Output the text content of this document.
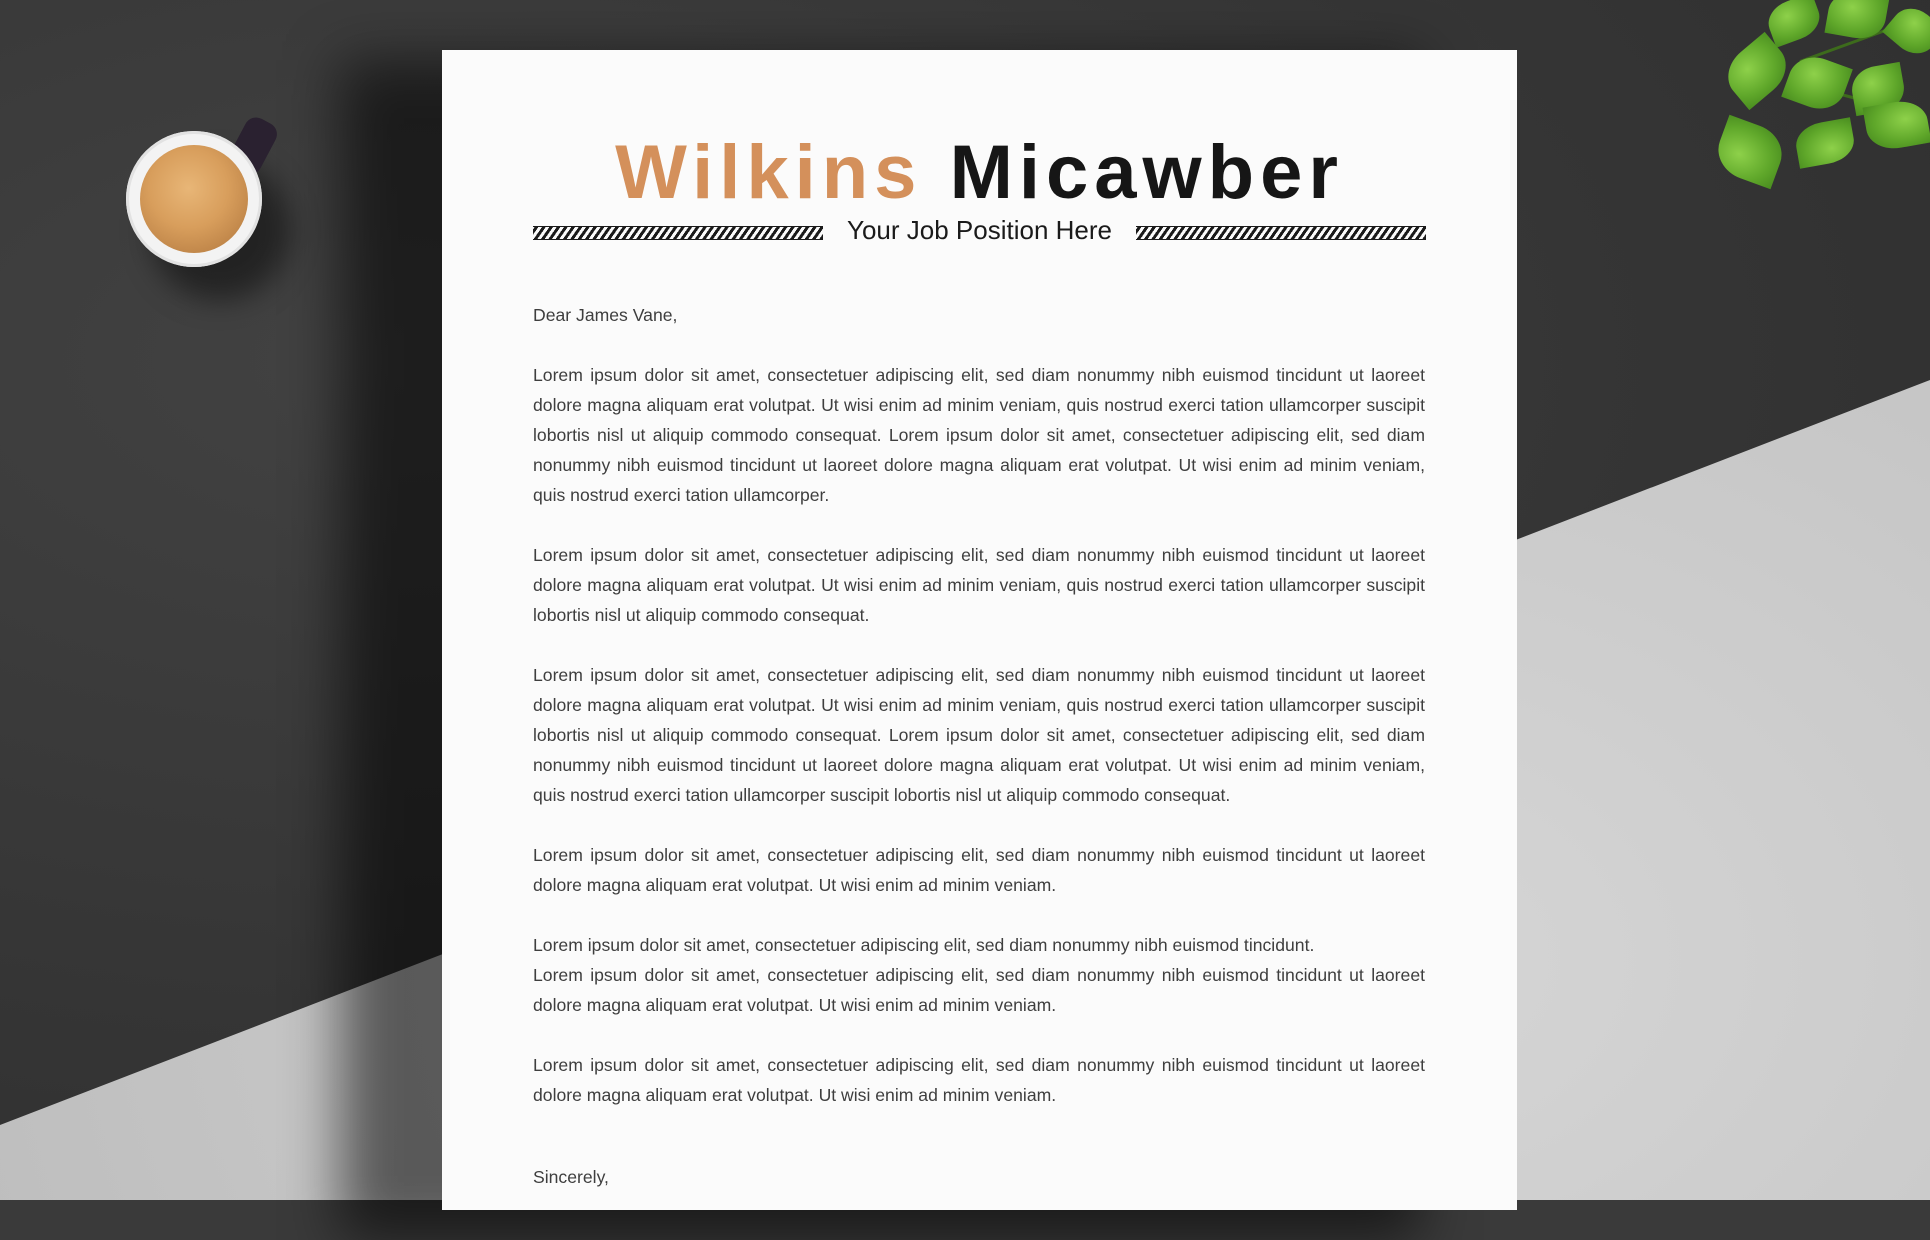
Wilkins Micawber
Your Job Position Here

Dear James Vane,

Lorem ipsum dolor sit amet, consectetuer adipiscing elit, sed diam nonummy nibh euismod tincidunt ut laoreet dolore magna aliquam erat volutpat. Ut wisi enim ad minim veniam, quis nostrud exerci tation ullamcorper suscipit lobortis nisl ut aliquip commodo consequat. Lorem ipsum dolor sit amet, consectetuer adipiscing elit, sed diam nonummy nibh euismod tincidunt ut laoreet dolore magna aliquam erat volutpat. Ut wisi enim ad minim veniam, quis nostrud exerci tation ullamcorper.

Lorem ipsum dolor sit amet, consectetuer adipiscing elit, sed diam nonummy nibh euismod tincidunt ut laoreet dolore magna aliquam erat volutpat. Ut wisi enim ad minim veniam, quis nostrud exerci tation ullamcorper suscipit lobortis nisl ut aliquip commodo consequat.

Lorem ipsum dolor sit amet, consectetuer adipiscing elit, sed diam nonummy nibh euismod tincidunt ut laoreet dolore magna aliquam erat volutpat. Ut wisi enim ad minim veniam, quis nostrud exerci tation ullamcorper suscipit lobortis nisl ut aliquip commodo consequat. Lorem ipsum dolor sit amet, consectetuer adipiscing elit, sed diam nonummy nibh euismod tincidunt ut laoreet dolore magna aliquam erat volutpat. Ut wisi enim ad minim veniam, quis nostrud exerci tation ullamcorper suscipit lobortis nisl ut aliquip commodo consequat.

Lorem ipsum dolor sit amet, consectetuer adipiscing elit, sed diam nonummy nibh euismod tincidunt ut laoreet dolore magna aliquam erat volutpat. Ut wisi enim ad minim veniam.

Lorem ipsum dolor sit amet, consectetuer adipiscing elit, sed diam nonummy nibh euismod tincidunt.

Lorem ipsum dolor sit amet, consectetuer adipiscing elit, sed diam nonummy nibh euismod tincidunt ut laoreet dolore magna aliquam erat volutpat. Ut wisi enim ad minim veniam.

Lorem ipsum dolor sit amet, consectetuer adipiscing elit, sed diam nonummy nibh euismod tincidunt ut laoreet dolore magna aliquam erat volutpat. Ut wisi enim ad minim veniam.

Sincerely,
